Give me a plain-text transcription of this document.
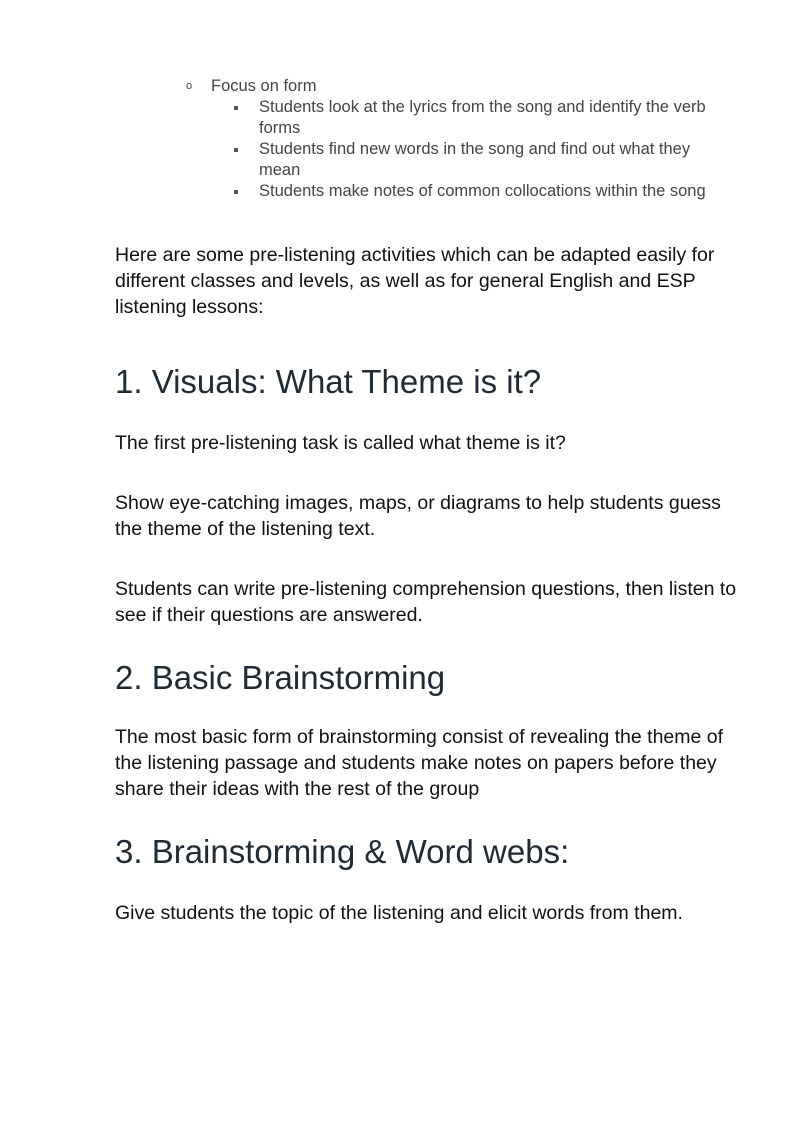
o Focus on form
Students look at the lyrics from the song and identify the verb forms
Students find new words in the song and find out what they mean
Students make notes of common collocations within the song

Here are some pre-listening activities which can be adapted easily for different classes and levels, as well as for general English and ESP listening lessons:

1. Visuals: What Theme is it?

The first pre-listening task is called what theme is it?

Show eye-catching images, maps, or diagrams to help students guess the theme of the listening text.

Students can write pre-listening comprehension questions, then listen to see if their questions are answered.

2. Basic Brainstorming

The most basic form of brainstorming consist of revealing the theme of the listening passage and students make notes on papers before they share their ideas with the rest of the group

3. Brainstorming & Word webs:

Give students the topic of the listening and elicit words from them.
